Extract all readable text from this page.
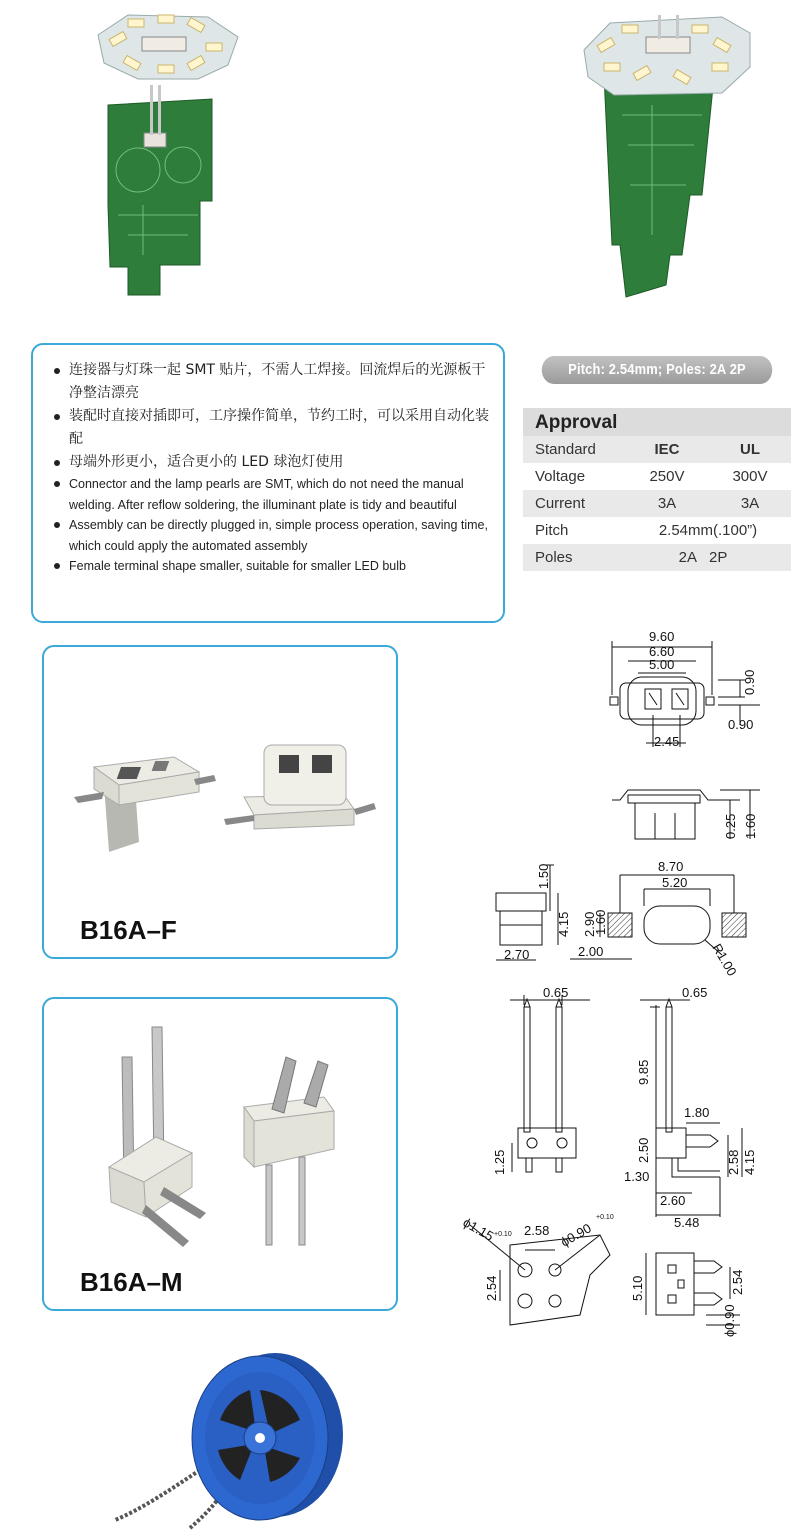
连接器与灯珠一起 SMT 贴片，不需人工焊接。回流焊后的光源板干净整洁漂亮
装配时直接对插即可，工序操作简单，节约工时，可以采用自动化装配
母端外形更小，适合更小的 LED 球泡灯使用
Connector and the lamp pearls are SMT, which do not need the manual welding. After reflow soldering, the illuminant plate is tidy and beautiful
Assembly can be directly plugged in, simple process operation, saving time, which could apply the automated assembly
Female terminal shape smaller, suitable for smaller LED bulb
Pitch: 2.54mm; Poles: 2A 2P
Approval
Standard	IEC	UL
Voltage	250V	300V
Current	3A	3A
Pitch	2.54mm(.100”)
Poles	2A 2P
B16A–F
B16A–M
9.60
6.60
5.00
0.90
0.90
2.45
0.25 1.60
1.50
4.15 2.90
1.60
2.70	2.00
8.70
5.20
R1.00
0.65
1.25
0.65
9.85
1.80
2.50	2.58 4.15
1.30
2.60
5.48
ϕ1.15
+0.10 2.58 ϕ0.90
+0.10
2.54	5.10	2.54
ϕ0.90
